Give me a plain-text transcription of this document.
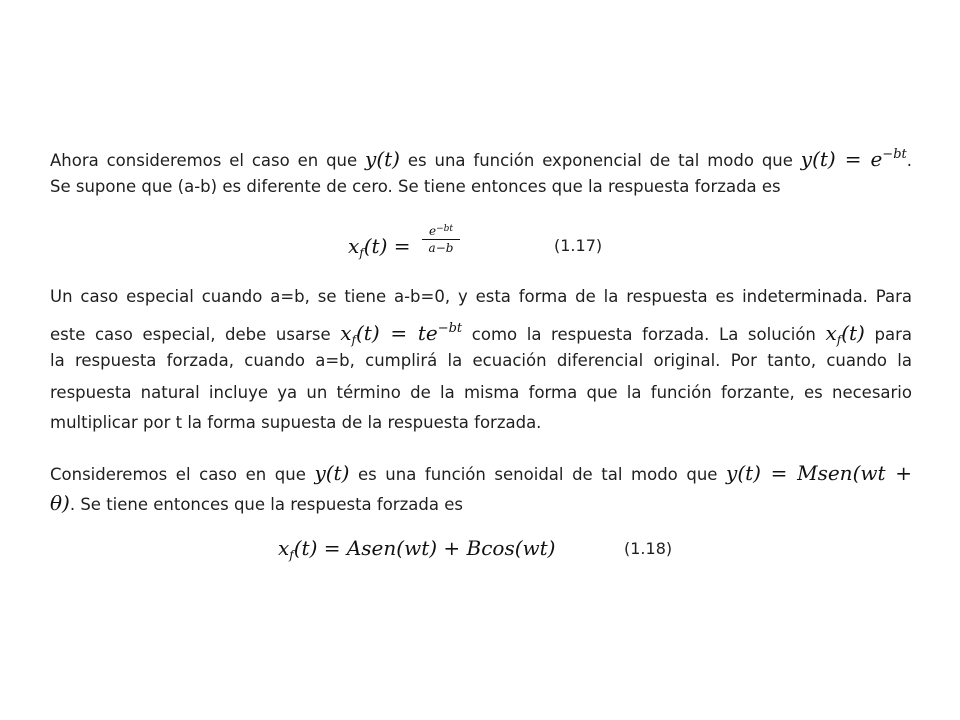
Ahora consideremos el caso en que y(t) es una función exponencial de tal modo que $y(t) = e^{-bt}$.
Se supone que (a-b) es diferente de cero. Se tiene entonces que la respuesta forzada es
$x_f(t)$ =
$e^{-bt}$
a−b	(1.17)
Un caso especial cuando a=b, se tiene a-b=0, y esta forma de la respuesta es indeterminada. Para
este caso especial, debe usarse $x_f(t) = te^{-bt}$ como la respuesta forzada. La solución $x_f(t)$ para
la respuesta forzada, cuando a=b, cumplirá la ecuación diferencial original. Por tanto, cuando la
respuesta natural incluye ya un término de la misma forma que la función forzante, es necesario
multiplicar por t la forma supuesta de la respuesta forzada.
Consideremos el caso en que y(t) es una función senoidal de tal modo que y(t) = Msen(wt +
θ). Se tiene entonces que la respuesta forzada es
$x_f(t)$ = Asen(wt) + Bcos(wt)	(1.18)
